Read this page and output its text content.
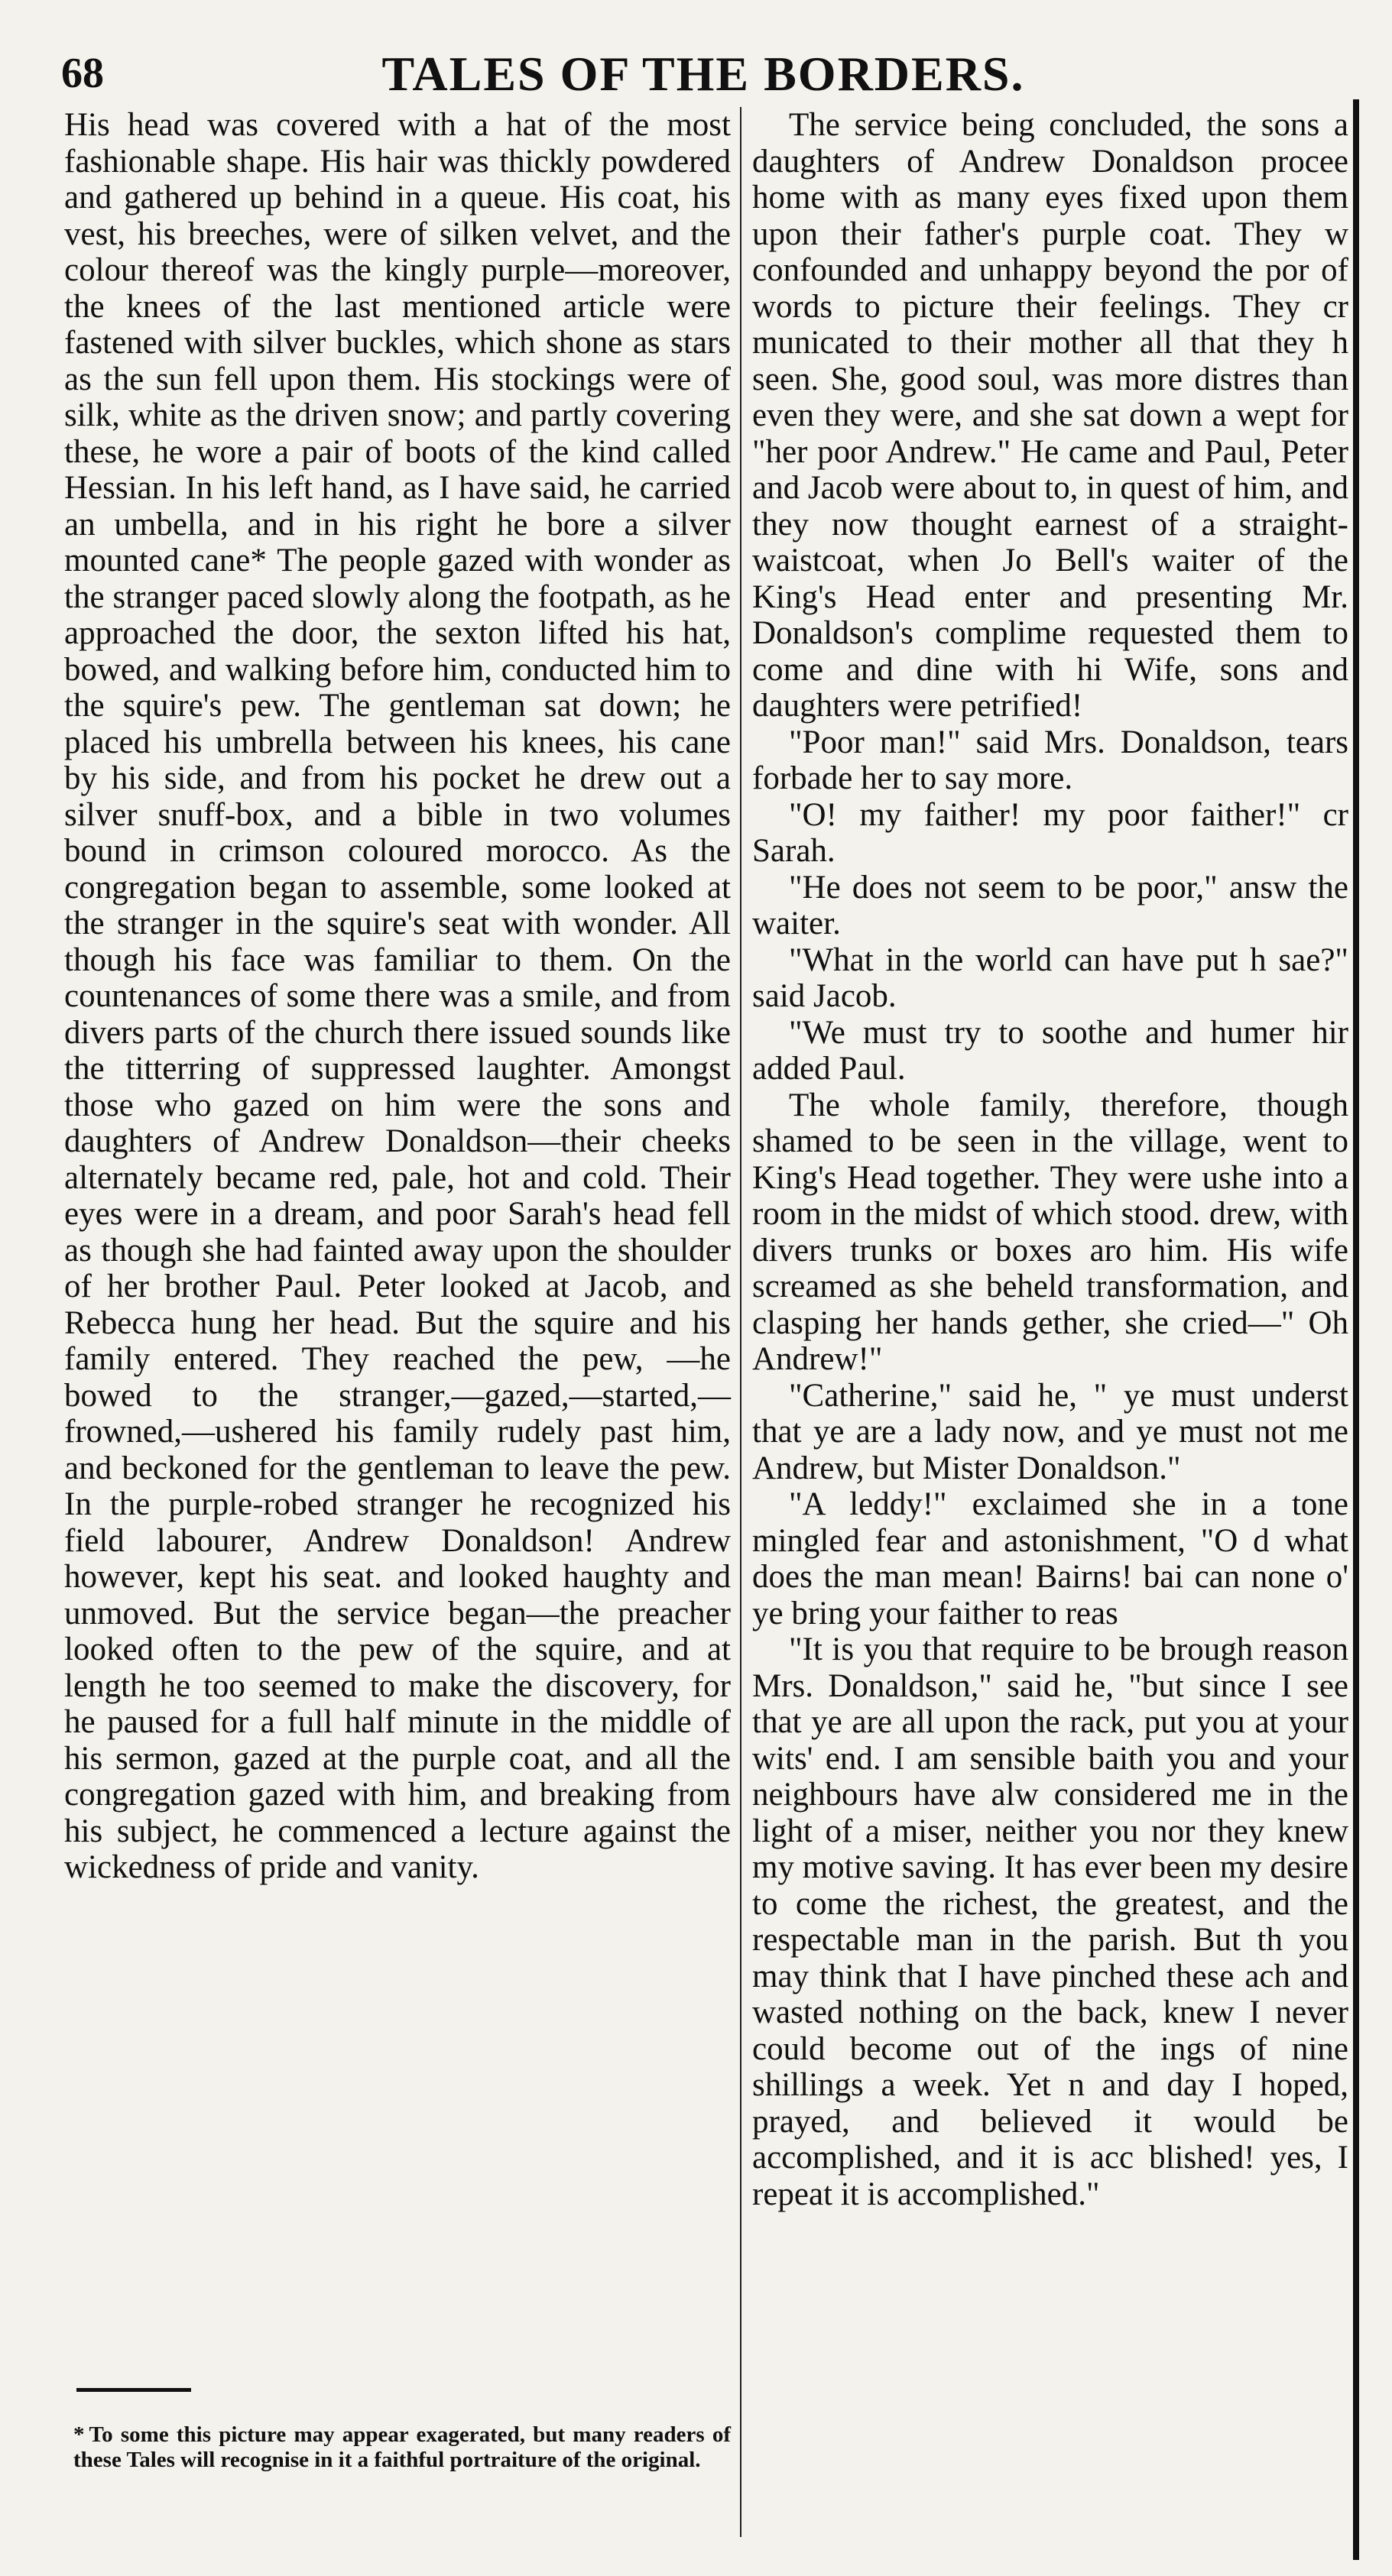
68	TALES OF THE BORDERS.

His head was covered with a hat of the most fashionable shape. His hair was thickly powdered and gathered up behind in a queue. His coat, his vest, his breeches, were of silken velvet, and the colour thereof was the kingly purple—moreover, the knees of the last mentioned article were fastened with silver buckles, which shone as stars as the sun fell upon them. His stockings were of silk, white as the driven snow; and partly covering these, he wore a pair of boots of the kind called Hessian. In his left hand, as I have said, he carried an umbella, and in his right he bore a silver mounted cane* The people gazed with wonder as the stranger paced slowly along the footpath, as he approached the door, the sexton lifted his hat, bowed, and walking before him, conducted him to the squire's pew. The gentleman sat down; he placed his umbrella between his knees, his cane by his side, and from his pocket he drew out a silver snuff-box, and a bible in two volumes bound in crimson coloured morocco. As the congregation began to assemble, some looked at the stranger in the squire's seat with wonder. All though his face was familiar to them. On the countenances of some there was a smile, and from divers parts of the church there issued sounds like the titterring of suppressed laughter. Amongst those who gazed on him were the sons and daughters of Andrew Donaldson—their cheeks alternately became red, pale, hot and cold. Their eyes were in a dream, and poor Sarah's head fell as though she had fainted away upon the shoulder of her brother Paul. Peter looked at Jacob, and Rebecca hung her head. But the squire and his family entered. They reached the pew, —he bowed to the stranger,—gazed,—started,—frowned,—ushered his family rudely past him, and beckoned for the gentleman to leave the pew. In the purple-robed stranger he recognized his field labourer, Andrew Donaldson! Andrew however, kept his seat. and looked haughty and unmoved. But the service began—the preacher looked often to the pew of the squire, and at length he too seemed to make the discovery, for he paused for a full half minute in the middle of his sermon, gazed at the purple coat, and all the congregation gazed with him, and breaking from his subject, he commenced a lecture against the wickedness of pride and vanity.

* To some this picture may appear exagerated, but many readers of these Tales will recognise in it a faithful portraiture of the original.

The service being concluded, the sons a daughters of Andrew Donaldson procee home with as many eyes fixed upon them upon their father's purple coat. They w confounded and unhappy beyond the por of words to picture their feelings. They cr municated to their mother all that they h seen. She, good soul, was more distres than even they were, and she sat down a wept for "her poor Andrew." He came and Paul, Peter and Jacob were about to, in quest of him, and they now thought earnest of a straight-waistcoat, when Jo Bell's waiter of the King's Head enter and presenting Mr. Donaldson's complime requested them to come and dine with hi Wife, sons and daughters were petrified!

"Poor man!" said Mrs. Donaldson, tears forbade her to say more.

"O! my faither! my poor faither!" cr Sarah.

"He does not seem to be poor," answ the waiter.

"What in the world can have put h sae?" said Jacob.

"We must try to soothe and humer hir added Paul.

The whole family, therefore, though shamed to be seen in the village, went to King's Head together. They were ushe into a room in the midst of which stood. drew, with divers trunks or boxes aro him. His wife screamed as she beheld transformation, and clasping her hands gether, she cried—" Oh Andrew!"

"Catherine," said he, " ye must underst that ye are a lady now, and ye must not me Andrew, but Mister Donaldson."

"A leddy!" exclaimed she in a tone mingled fear and astonishment, "O d what does the man mean! Bairns! bai can none o' ye bring your faither to reas

"It is you that require to be brough reason Mrs. Donaldson," said he, "but since I see that ye are all upon the rack, put you at your wits' end. I am sensible baith you and your neighbours have alw considered me in the light of a miser, neither you nor they knew my motive saving. It has ever been my desire to come the richest, the greatest, and the respectable man in the parish. But th you may think that I have pinched these ach and wasted nothing on the back, knew I never could become out of the ings of nine shillings a week. Yet n and day I hoped, prayed, and believed it would be accomplished, and it is acc blished! yes, I repeat it is accomplished."
